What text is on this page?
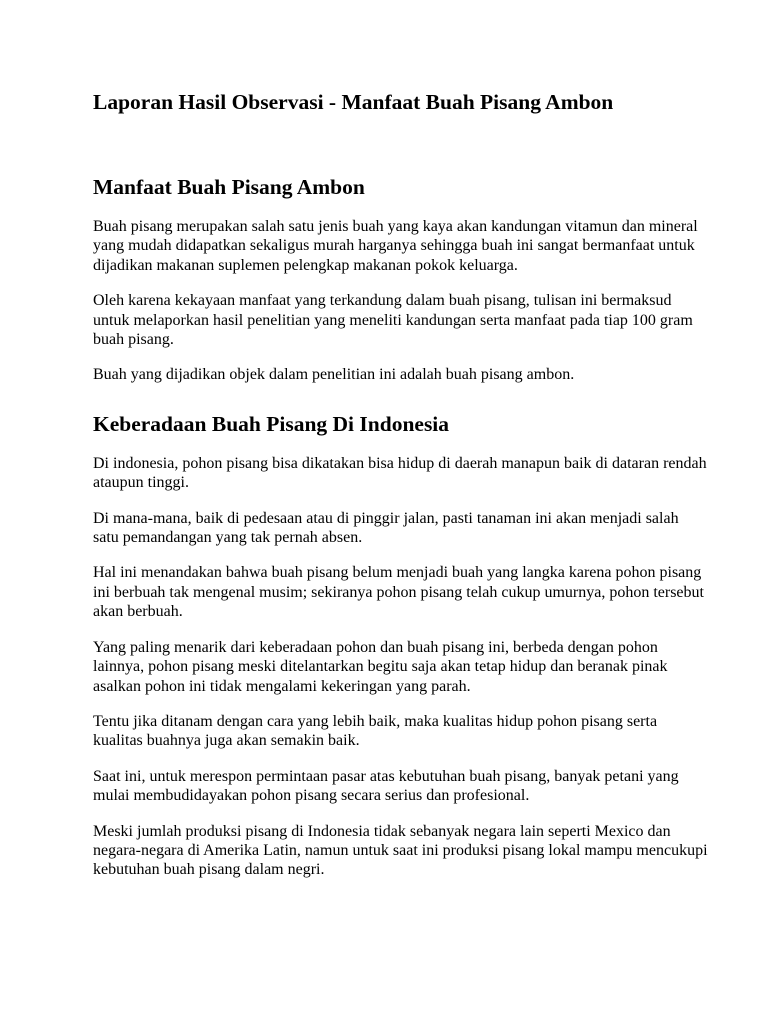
Laporan Hasil Observasi - Manfaat Buah Pisang Ambon
Manfaat Buah Pisang Ambon

Buah pisang merupakan salah satu jenis buah yang kaya akan kandungan vitamun dan mineral yang mudah didapatkan sekaligus murah harganya sehingga buah ini sangat bermanfaat untuk dijadikan makanan suplemen pelengkap makanan pokok keluarga.

Oleh karena kekayaan manfaat yang terkandung dalam buah pisang, tulisan ini bermaksud untuk melaporkan hasil penelitian yang meneliti kandungan serta manfaat pada tiap 100 gram buah pisang.

Buah yang dijadikan objek dalam penelitian ini adalah buah pisang ambon.

Keberadaan Buah Pisang Di Indonesia

Di indonesia, pohon pisang bisa dikatakan bisa hidup di daerah manapun baik di dataran rendah ataupun tinggi.

Di mana-mana, baik di pedesaan atau di pinggir jalan, pasti tanaman ini akan menjadi salah satu pemandangan yang tak pernah absen.

Hal ini menandakan bahwa buah pisang belum menjadi buah yang langka karena pohon pisang ini berbuah tak mengenal musim; sekiranya pohon pisang telah cukup umurnya, pohon tersebut akan berbuah.

Yang paling menarik dari keberadaan pohon dan buah pisang ini, berbeda dengan pohon lainnya, pohon pisang meski ditelantarkan begitu saja akan tetap hidup dan beranak pinak asalkan pohon ini tidak mengalami kekeringan yang parah.

Tentu jika ditanam dengan cara yang lebih baik, maka kualitas hidup pohon pisang serta kualitas buahnya juga akan semakin baik.

Saat ini, untuk merespon permintaan pasar atas kebutuhan buah pisang, banyak petani yang mulai membudidayakan pohon pisang secara serius dan profesional.

Meski jumlah produksi pisang di Indonesia tidak sebanyak negara lain seperti Mexico dan negara-negara di Amerika Latin, namun untuk saat ini produksi pisang lokal mampu mencukupi kebutuhan buah pisang dalam negri.
